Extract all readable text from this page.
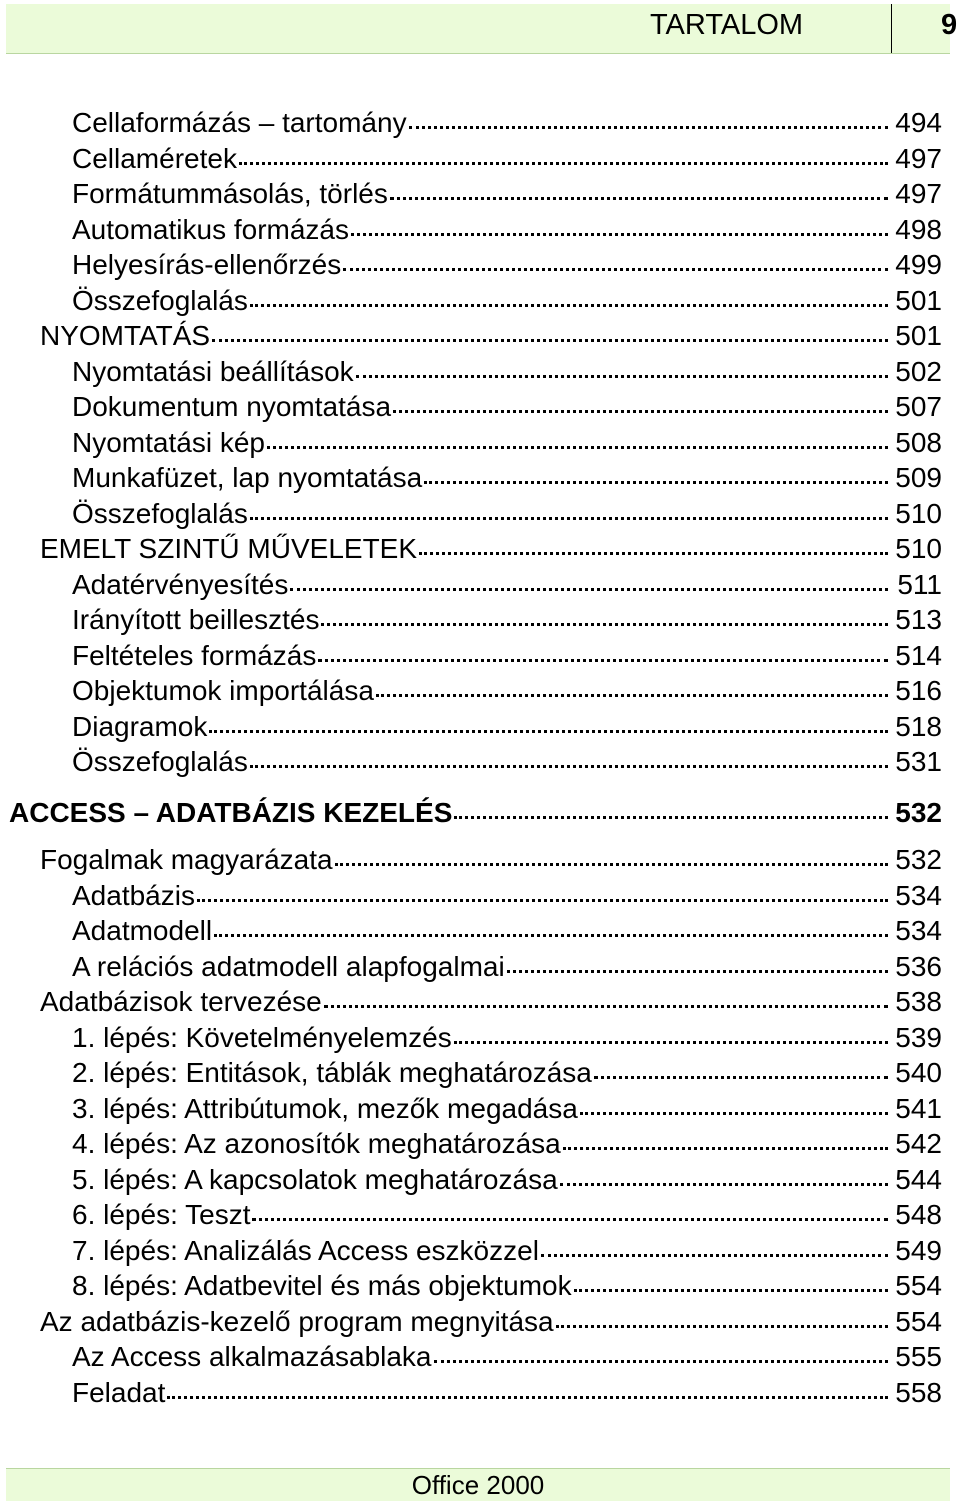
TARTALOM	9
Cellaformázás – tartomány	494
Cellaméretek	497
Formátummásolás, törlés	497
Automatikus formázás	498
Helyesírás-ellenőrzés	499
Összefoglalás	501
NYOMTATÁS	501
Nyomtatási beállítások	502
Dokumentum nyomtatása	507
Nyomtatási kép	508
Munkafüzet, lap nyomtatása	509
Összefoglalás	510
EMELT SZINTŰ MŰVELETEK	510
Adatérvényesítés	511
Irányított beillesztés	513
Feltételes formázás	514
Objektumok importálása	516
Diagramok	518
Összefoglalás	531
ACCESS – ADATBÁZIS KEZELÉS	532
Fogalmak magyarázata	532
Adatbázis	534
Adatmodell	534
A relációs adatmodell alapfogalmai	536
Adatbázisok tervezése	538
1. lépés: Követelményelemzés	539
2. lépés: Entitások, táblák meghatározása	540
3. lépés: Attribútumok, mezők megadása	541
4. lépés: Az azonosítók meghatározása	542
5. lépés: A kapcsolatok meghatározása	544
6. lépés: Teszt	548
7. lépés: Analizálás Access eszközzel	549
8. lépés: Adatbevitel és más objektumok	554
Az adatbázis-kezelő program megnyitása	554
Az Access alkalmazásablaka	555
Feladat	558
Office 2000
